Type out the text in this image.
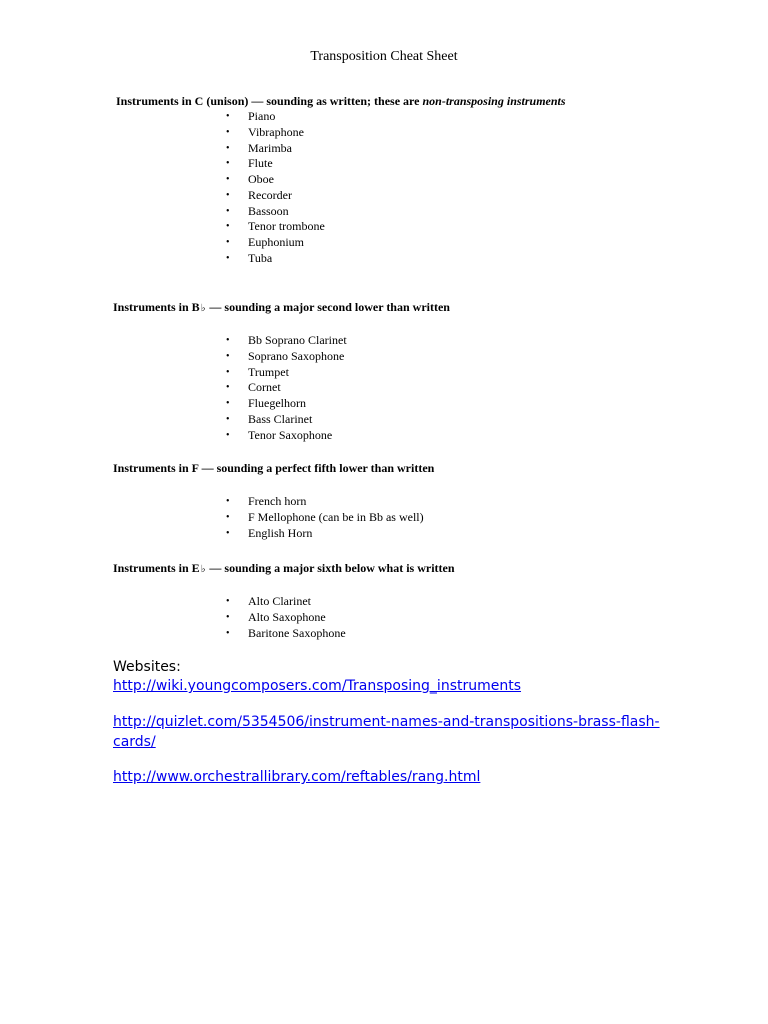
Transposition Cheat Sheet
Instruments in C (unison) — sounding as written; these are non-transposing instruments
• Piano
• Vibraphone
• Marimba
• Flute
• Oboe
• Recorder
• Bassoon
• Tenor trombone
• Euphonium
• Tuba
Instruments in B♭ — sounding a major second lower than written
• Bb Soprano Clarinet
• Soprano Saxophone
• Trumpet
• Cornet
• Fluegelhorn
• Bass Clarinet
• Tenor Saxophone
Instruments in F — sounding a perfect fifth lower than written
• French horn
• F Mellophone (can be in Bb as well)
• English Horn
Instruments in E♭ — sounding a major sixth below what is written
• Alto Clarinet
• Alto Saxophone
• Baritone Saxophone
Websites:
http://wiki.youngcomposers.com/Transposing_instruments
http://quizlet.com/5354506/instrument-names-and-transpositions-brass-flash-
cards/
http://www.orchestrallibrary.com/reftables/rang.html
